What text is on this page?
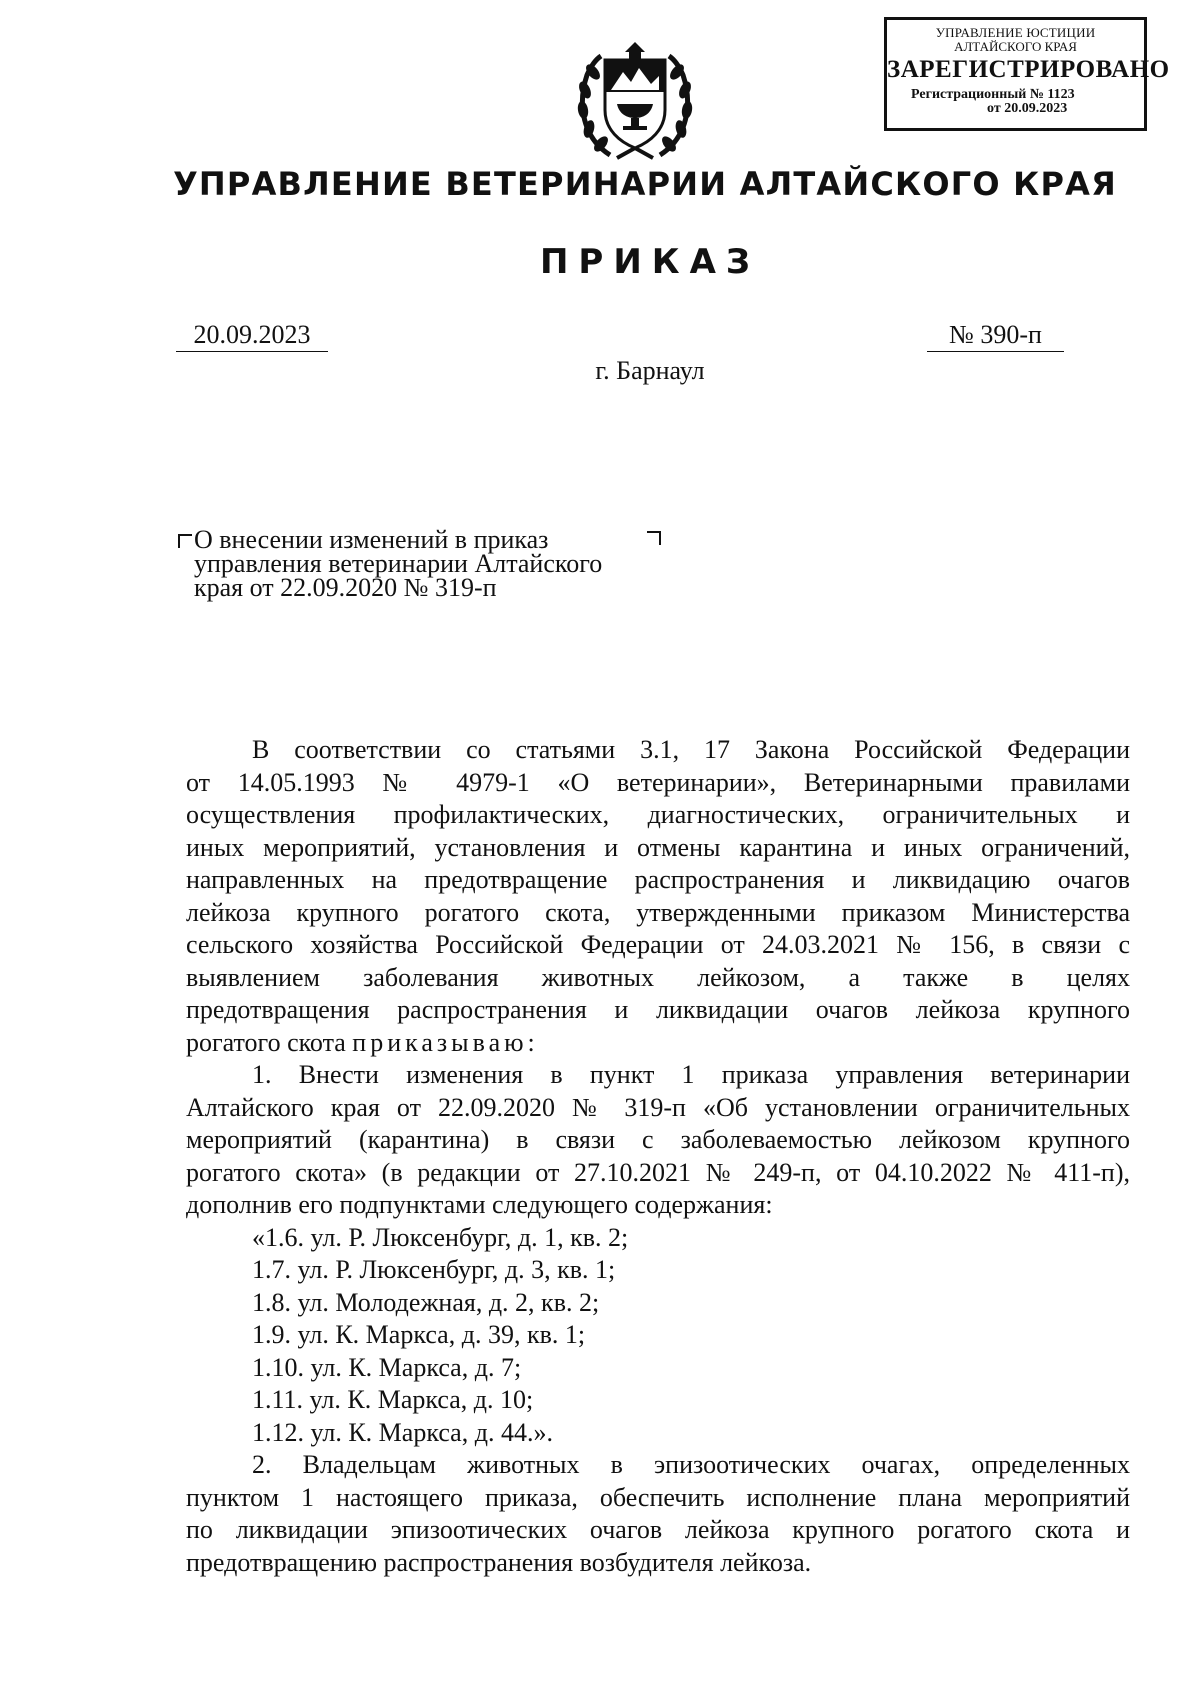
УПРАВЛЕНИЕ ЮСТИЦИИ
АЛТАЙСКОГО КРАЯ
ЗАРЕГИСТРИРОВАНО
Регистрационный № 1123
от 20.09.2023
УПРАВЛЕНИЕ ВЕТЕРИНАРИИ АЛТАЙСКОГО КРАЯ
ПРИКАЗ
20.09.2023	№ 390-п
г. Барнаул
О внесении изменений в приказ
управления ветеринарии Алтайского
края от 22.09.2020 № 319-п

В соответствии со статьями 3.1, 17 Закона Российской Федерации

от 14.05.1993 № 4979-1 «О ветеринарии», Ветеринарными правилами

осуществления профилактических, диагностических, ограничительных и

иных мероприятий, установления и отмены карантина и иных ограничений,

направленных на предотвращение распространения и ликвидацию очагов

лейкоза крупного рогатого скота, утвержденными приказом Министерства

сельского хозяйства Российской Федерации от 24.03.2021 № 156, в связи с

выявлением заболевания животных лейкозом, а также в целях

предотвращения распространения и ликвидации очагов лейкоза крупного

рогатого скота приказываю:

1. Внести изменения в пункт 1 приказа управления ветеринарии

Алтайского края от 22.09.2020 № 319-п «Об установлении ограничительных

мероприятий (карантина) в связи с заболеваемостью лейкозом крупного

рогатого скота» (в редакции от 27.10.2021 № 249-п, от 04.10.2022 № 411-п),

дополнив его подпунктами следующего содержания:

«1.6. ул. Р. Люксенбург, д. 1, кв. 2;

1.7. ул. Р. Люксенбург, д. 3, кв. 1;

1.8. ул. Молодежная, д. 2, кв. 2;

1.9. ул. К. Маркса, д. 39, кв. 1;

1.10. ул. К. Маркса, д. 7;

1.11. ул. К. Маркса, д. 10;

1.12. ул. К. Маркса, д. 44.».

2. Владельцам животных в эпизоотических очагах, определенных

пунктом 1 настоящего приказа, обеспечить исполнение плана мероприятий

по ликвидации эпизоотических очагов лейкоза крупного рогатого скота и

предотвращению распространения возбудителя лейкоза.
